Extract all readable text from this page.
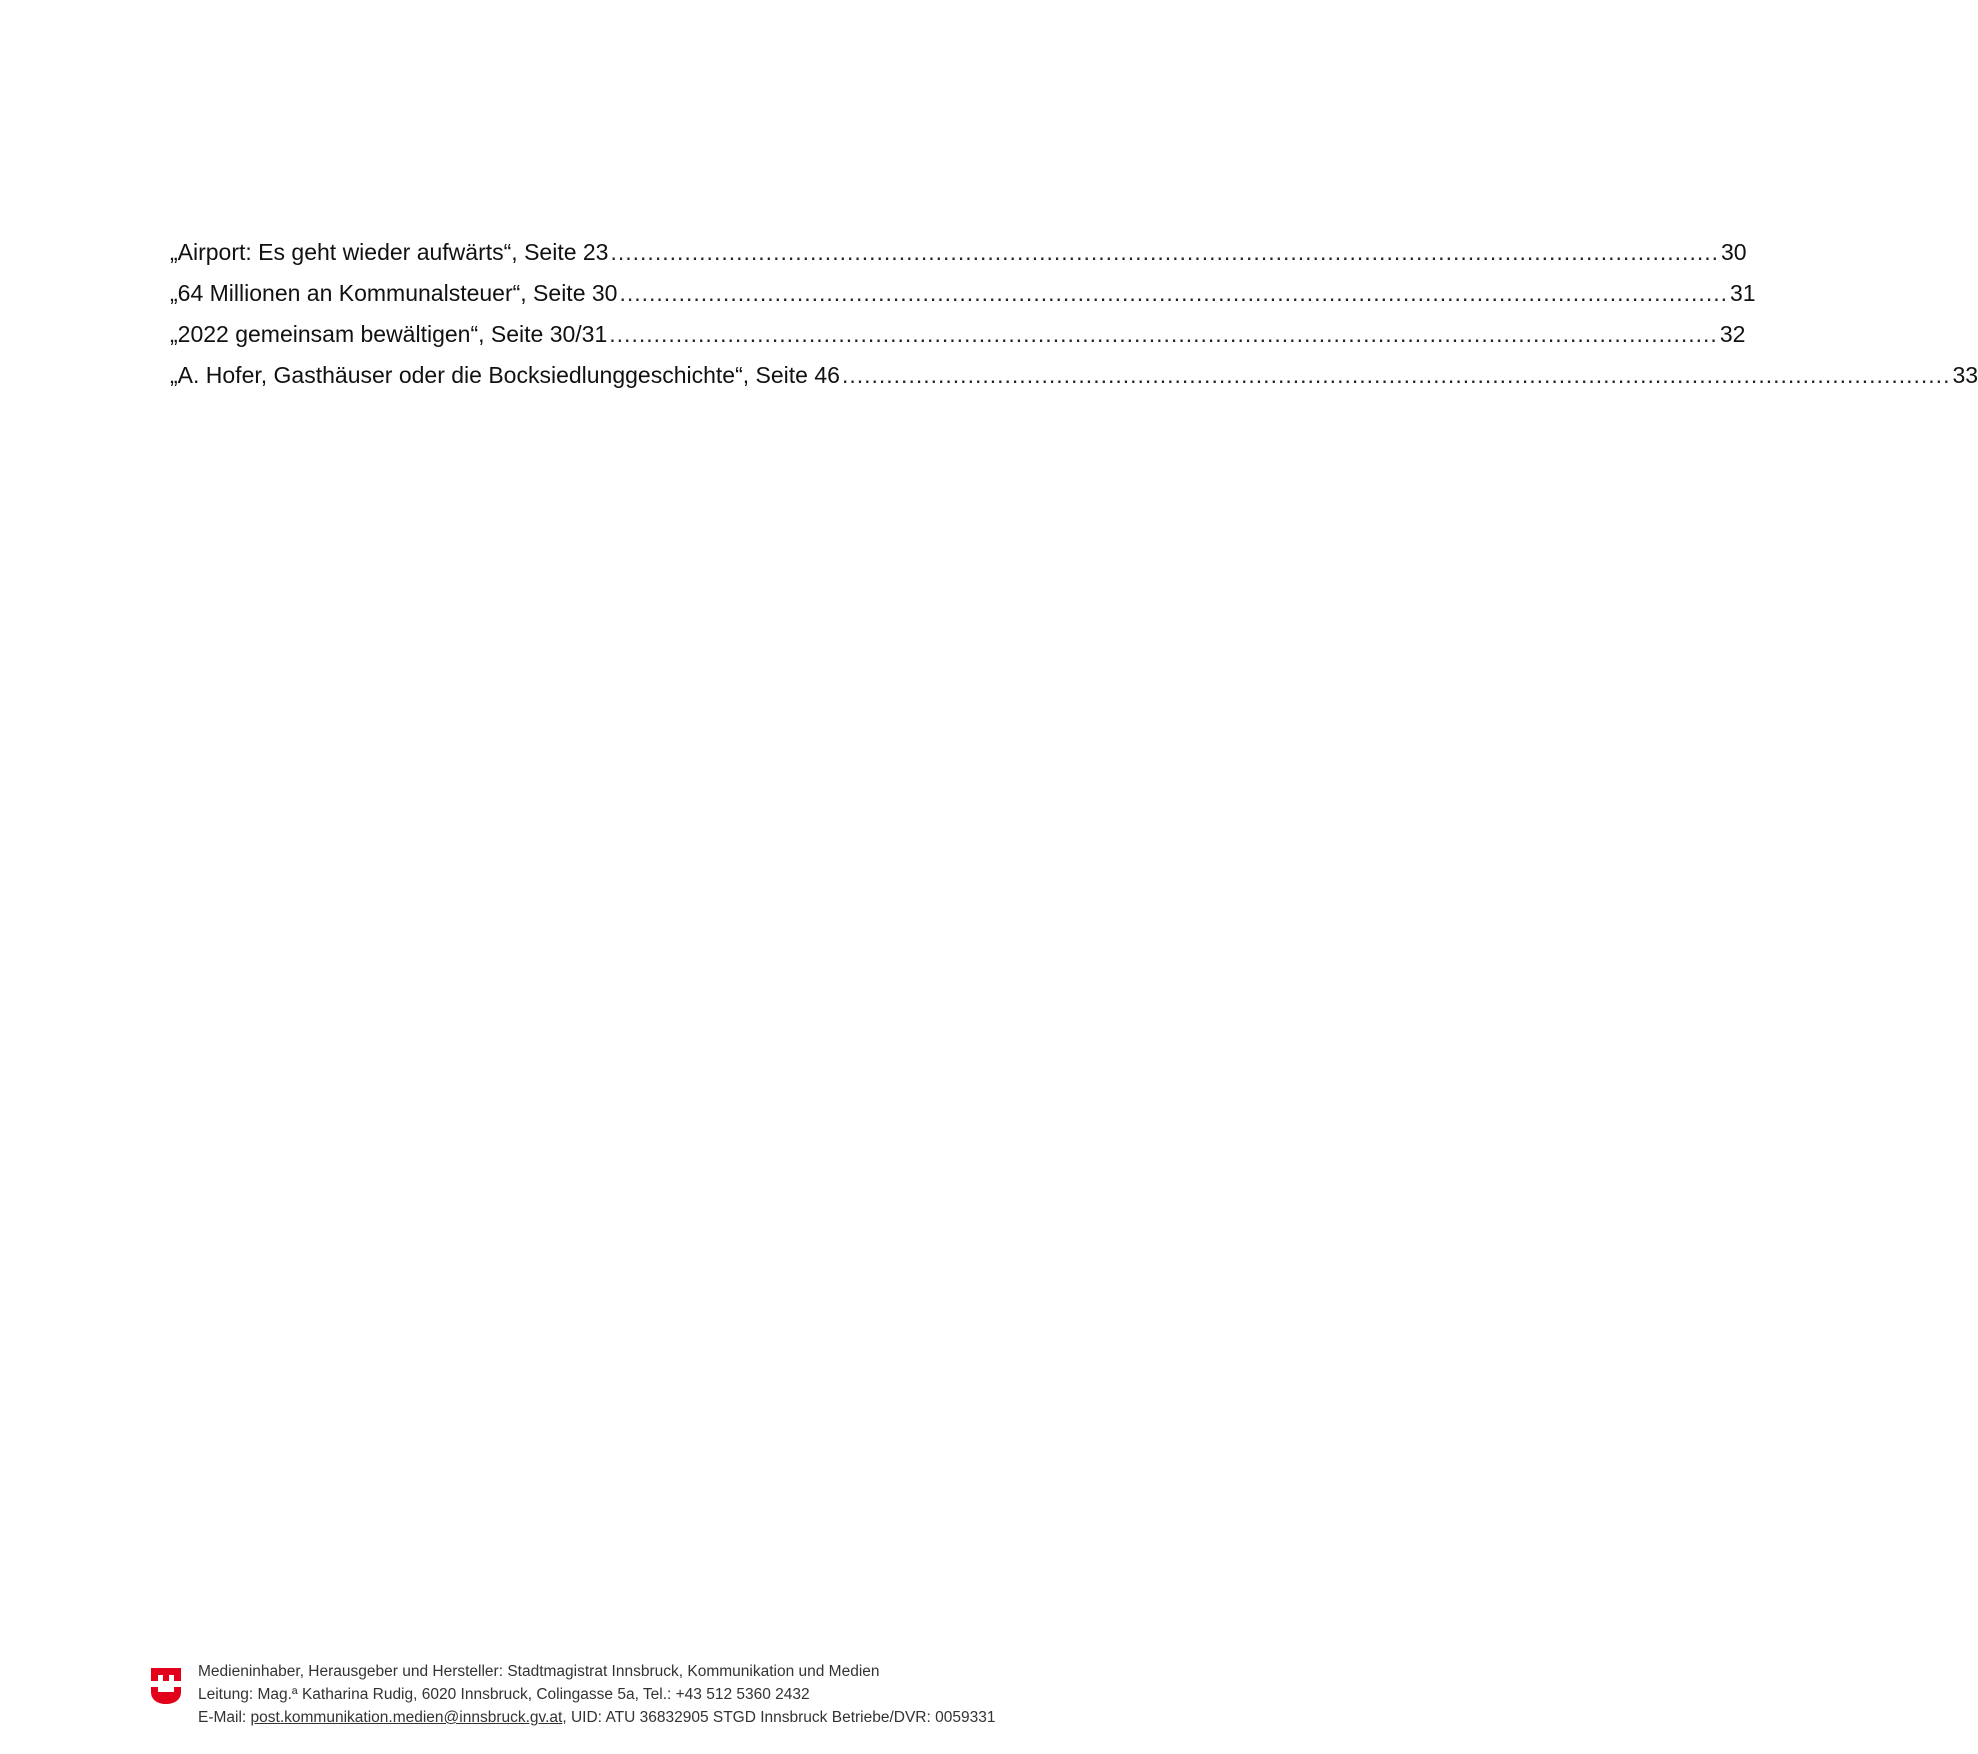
„Airport: Es geht wieder aufwärts“, Seite 23 ...................................................................................................................................................... 30
„64 Millionen an Kommunalsteuer“, Seite 30 ...................................................................................................................................................... 31
„2022 gemeinsam bewältigen“, Seite 30/31 ...................................................................................................................................................... 32
„A. Hofer, Gasthäuser oder die Bocksiedlunggeschichte“, Seite 46 ...................................................................................................................................................... 33
Medieninhaber, Herausgeber und Hersteller: Stadtmagistrat Innsbruck, Kommunikation und Medien
Leitung: Mag.ª Katharina Rudig, 6020 Innsbruck, Colingasse 5a, Tel.: +43 512 5360 2432
E-Mail: post.kommunikation.medien@innsbruck.gv.at, UID: ATU 36832905 STGD Innsbruck Betriebe/DVR: 0059331
